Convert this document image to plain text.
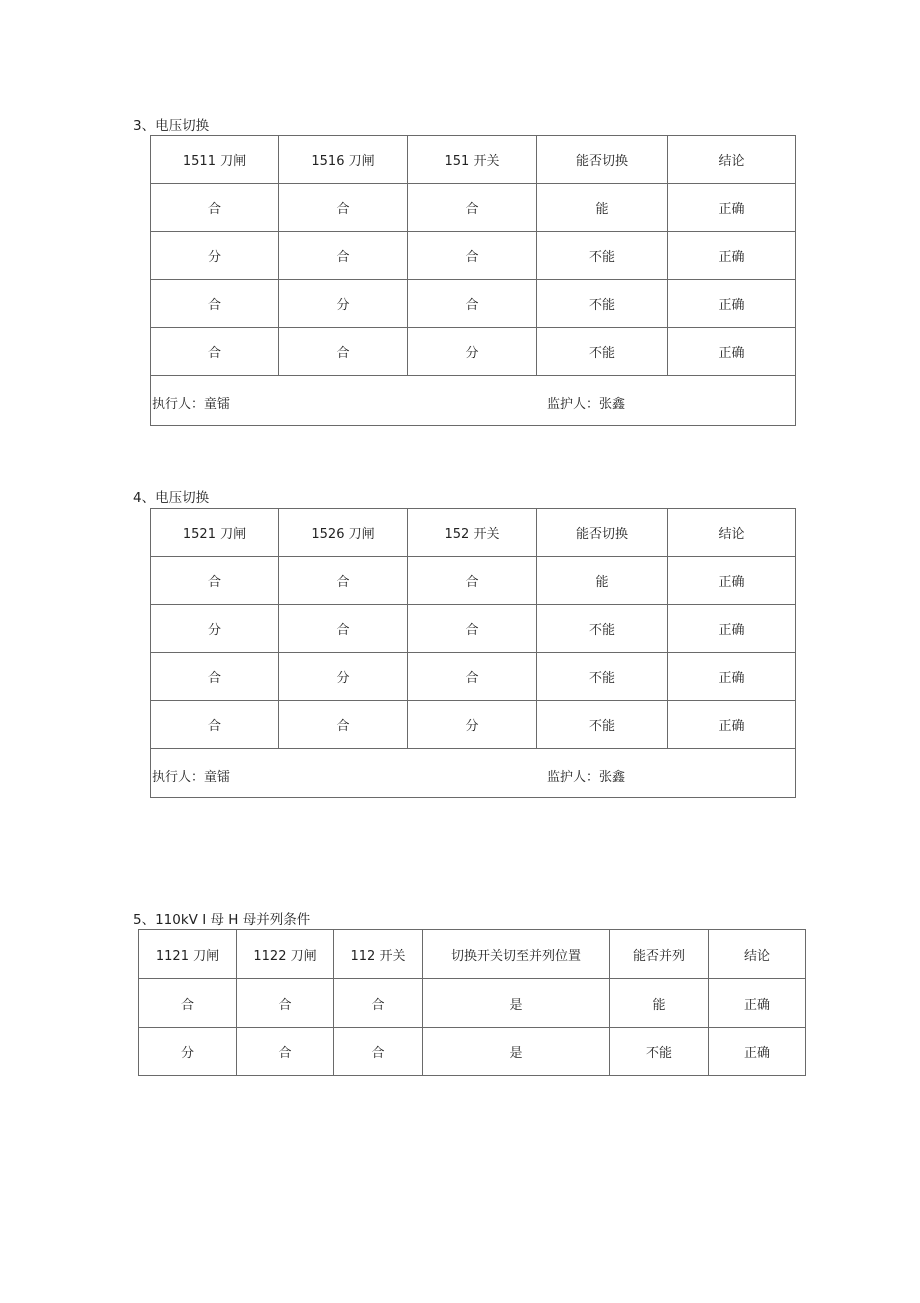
3、电压切换
1511 刀闸	1516 刀闸	151 开关	能否切换	结论
合	合	合	能	正确
分	合	合	不能	正确
合	分	合	不能	正确
合	合	分	不能	正确

执行人：童镭 监护人：张鑫				
4、电压切换
1521 刀闸	1526 刀闸	152 开关	能否切换	结论
合	合	合	能	正确
分	合	合	不能	正确
合	分	合	不能	正确
合	合	分	不能	正确

执行人：童镭 监护人：张鑫				
5、110kV I 母 H 母并列条件
1121 刀闸	1122 刀闸	112 开关	切换开关切至并列位置	能否并列	结论
合	合	合	是	能	正确
分	合	合	是	不能	正确
